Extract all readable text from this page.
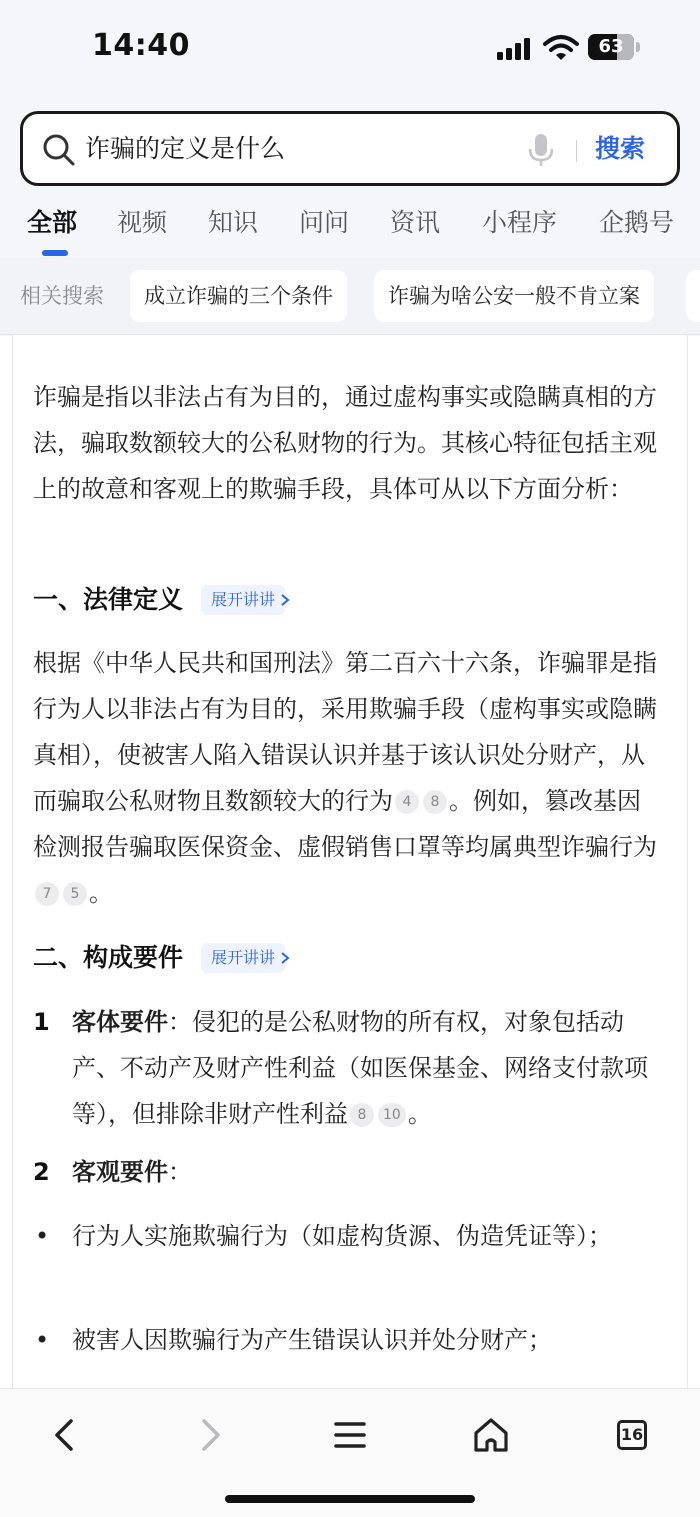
14:40	63
诈骗的定义是什么	搜索
全部 视频 知识 问问 资讯 小程序 企鹅号
诈骗是指以非法占有为目的，通过虚构事实或隐瞒真相的方法，骗取数额较大的公私财物的行为。其核心特征包括主观上的故意和客观上的欺骗手段，具体可从以下方面分析：
一、法律定义	展开讲讲
根据《中华人民共和国刑法》第二百六十六条，诈骗罪是指行为人以非法占有为目的，采用欺骗手段（虚构事实或隐瞒真相），使被害人陷入错误认识并基于该认识处分财产，从而骗取公私财物且数额较大的行为 4 8 。例如，篡改基因检测报告骗取医保资金、虚假销售口罩等均属典型诈骗行为7 5 。
二、构成要件	展开讲讲
1 客体要件：侵犯的是公私财物的所有权，对象包括动产、不动产及财产性利益（如医保基金、网络支付款项等），但排除非财产性利益 8 10 。
2 客观要件：
• 行为人实施欺骗行为（如虚构货源、伪造凭证等）；
• 被害人因欺骗行为产生错误认识并处分财产；
相关搜索	成立诈骗的三个条件	诈骗为啥公安一般不肯立案
16
